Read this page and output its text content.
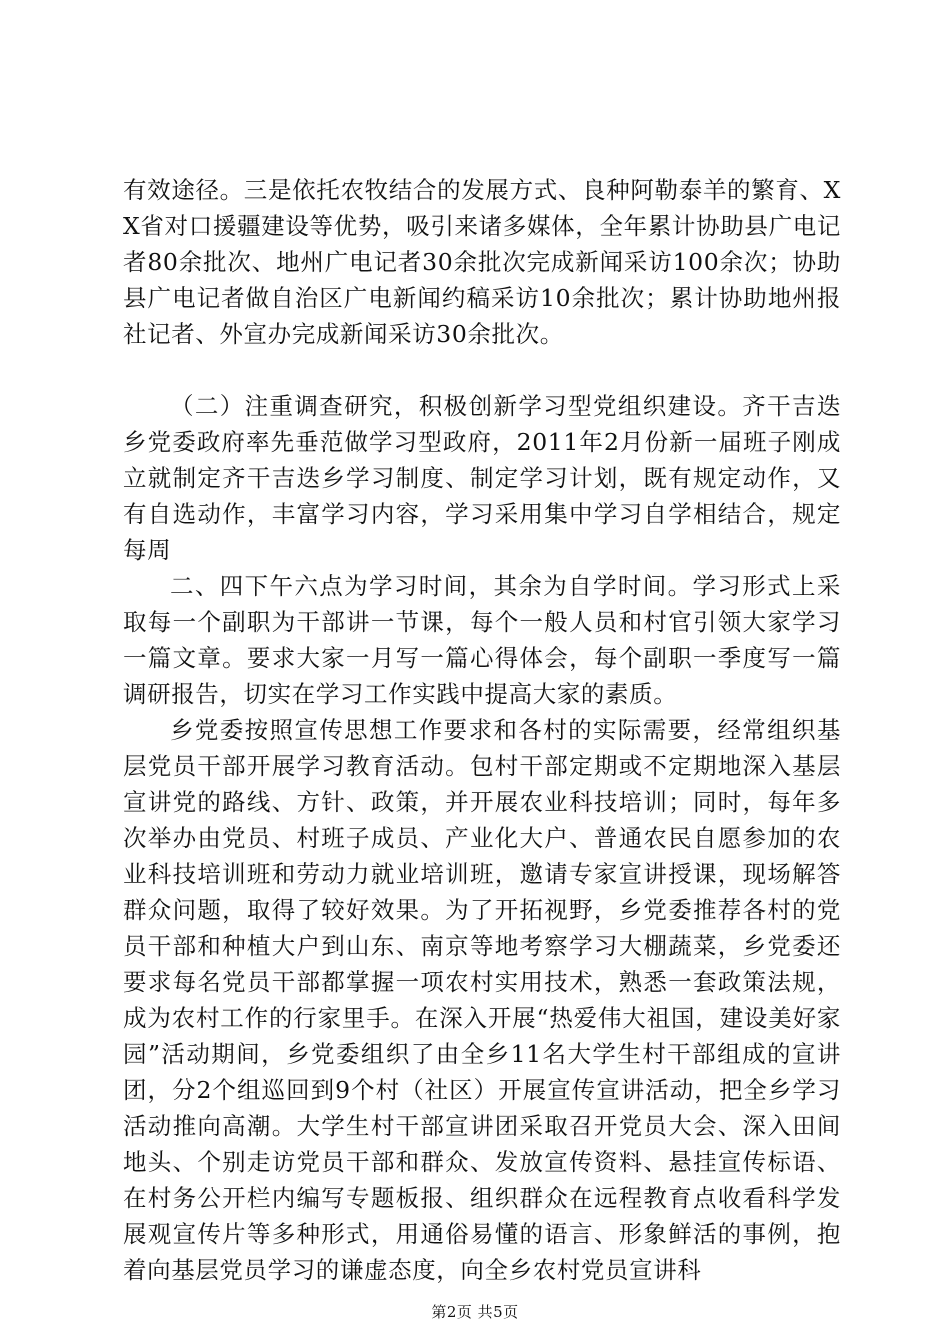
有效途径。三是依托农牧结合的发展方式、良种阿勒泰羊的繁育、XX省对口援疆建设等优势，吸引来诸多媒体，全年累计协助县广电记者80余批次、地州广电记者30余批次完成新闻采访100余次；协助县广电记者做自治区广电新闻约稿采访10余批次；累计协助地州报社记者、外宣办完成新闻采访30余批次。

（二）注重调查研究，积极创新学习型党组织建设。齐干吉迭乡党委政府率先垂范做学习型政府，2011年2月份新一届班子刚成立就制定齐干吉迭乡学习制度、制定学习计划，既有规定动作，又有自选动作，丰富学习内容，学习采用集中学习自学相结合，规定每周

二、四下午六点为学习时间，其余为自学时间。学习形式上采取每一个副职为干部讲一节课，每个一般人员和村官引领大家学习一篇文章。要求大家一月写一篇心得体会，每个副职一季度写一篇调研报告，切实在学习工作实践中提高大家的素质。

乡党委按照宣传思想工作要求和各村的实际需要，经常组织基层党员干部开展学习教育活动。包村干部定期或不定期地深入基层宣讲党的路线、方针、政策，并开展农业科技培训；同时，每年多次举办由党员、村班子成员、产业化大户、普通农民自愿参加的农业科技培训班和劳动力就业培训班，邀请专家宣讲授课，现场解答群众问题，取得了较好效果。为了开拓视野，乡党委推荐各村的党员干部和种植大户到山东、南京等地考察学习大棚蔬菜，乡党委还要求每名党员干部都掌握一项农村实用技术，熟悉一套政策法规，成为农村工作的行家里手。在深入开展“热爱伟大祖国，建设美好家园”活动期间，乡党委组织了由全乡11名大学生村干部组成的宣讲团，分2个组巡回到9个村（社区）开展宣传宣讲活动，把全乡学习活动推向高潮。大学生村干部宣讲团采取召开党员大会、深入田间地头、个别走访党员干部和群众、发放宣传资料、悬挂宣传标语、在村务公开栏内编写专题板报、组织群众在远程教育点收看科学发展观宣传片等多种形式，用通俗易懂的语言、形象鲜活的事例，抱着向基层党员学习的谦虚态度，向全乡农村党员宣讲科

第2页 共5页
